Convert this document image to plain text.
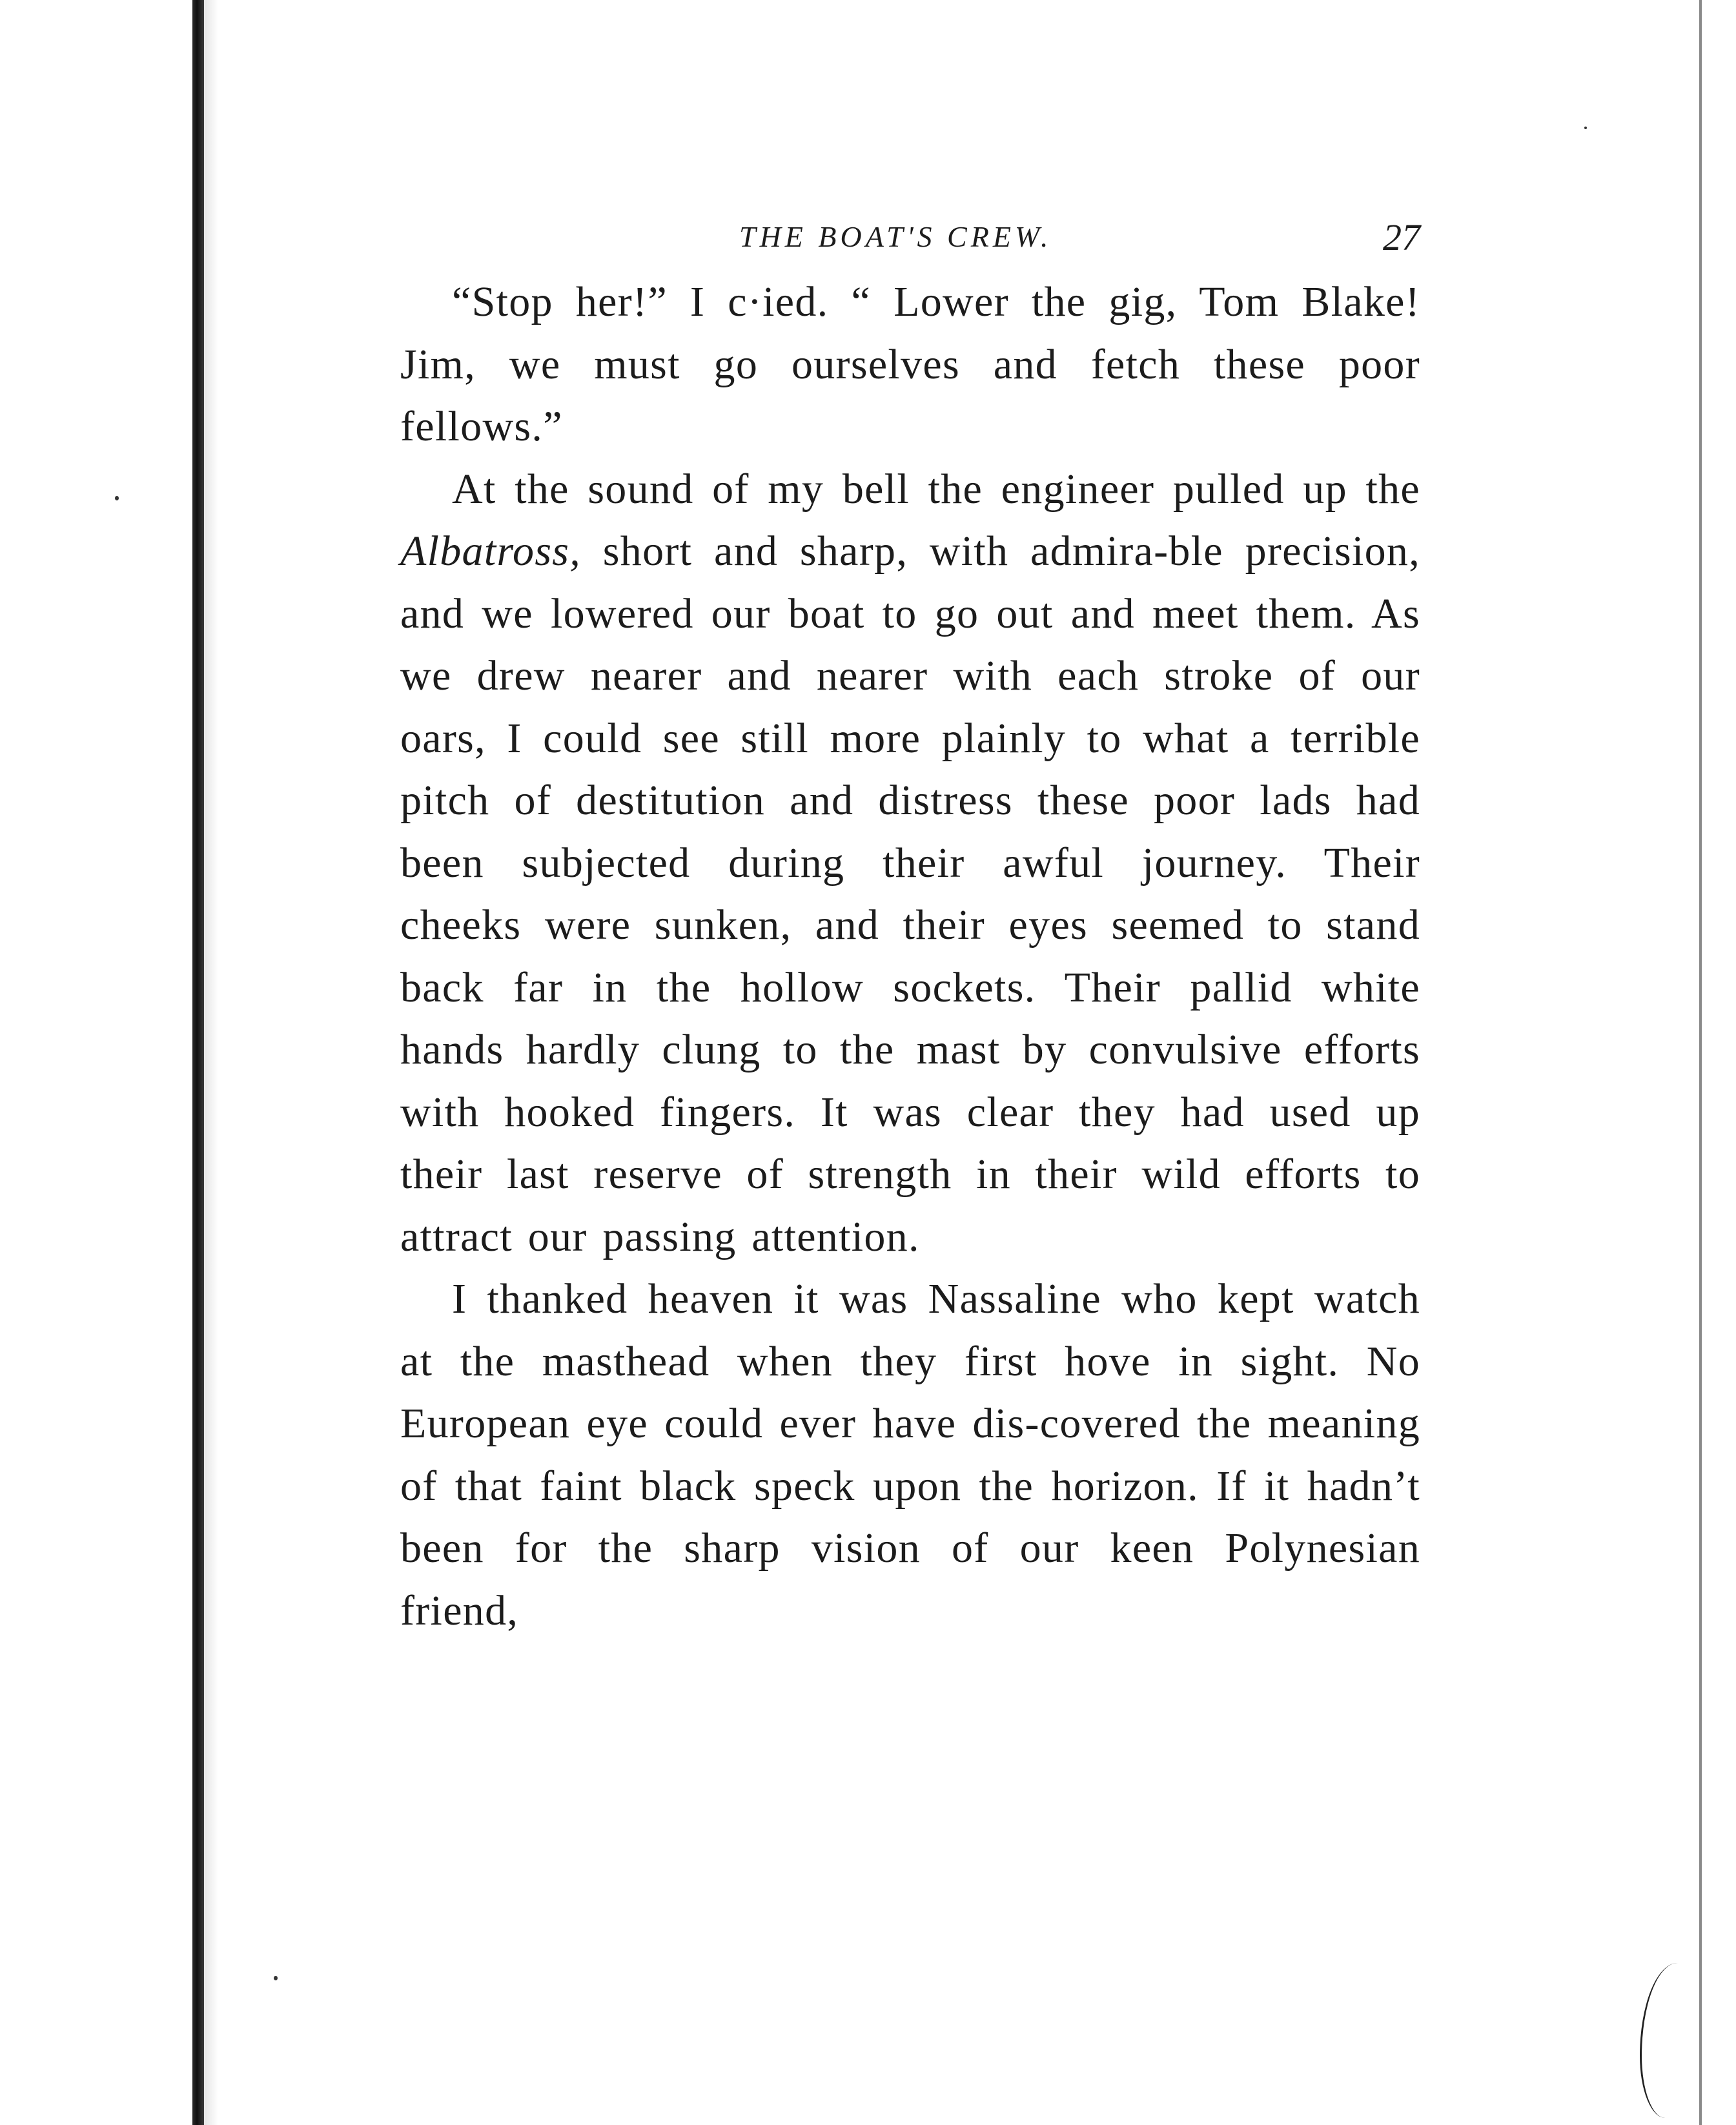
THE BOAT'S CREW.	27

“Stop her!” I c·ied. “ Lower the gig, Tom Blake! Jim, we must go ourselves and fetch these poor fellows.”

At the sound of my bell the engineer pulled up the Albatross, short and sharp, with admira-ble precision, and we lowered our boat to go out and meet them. As we drew nearer and nearer with each stroke of our oars, I could see still more plainly to what a terrible pitch of destitution and distress these poor lads had been subjected during their awful journey. Their cheeks were sunken, and their eyes seemed to stand back far in the hollow sockets. Their pallid white hands hardly clung to the mast by convulsive efforts with hooked fingers. It was clear they had used up their last reserve of strength in their wild efforts to attract our passing attention.

I thanked heaven it was Nassaline who kept watch at the masthead when they first hove in sight. No European eye could ever have dis-covered the meaning of that faint black speck upon the horizon. If it hadn’t been for the sharp vision of our keen Polynesian friend,
